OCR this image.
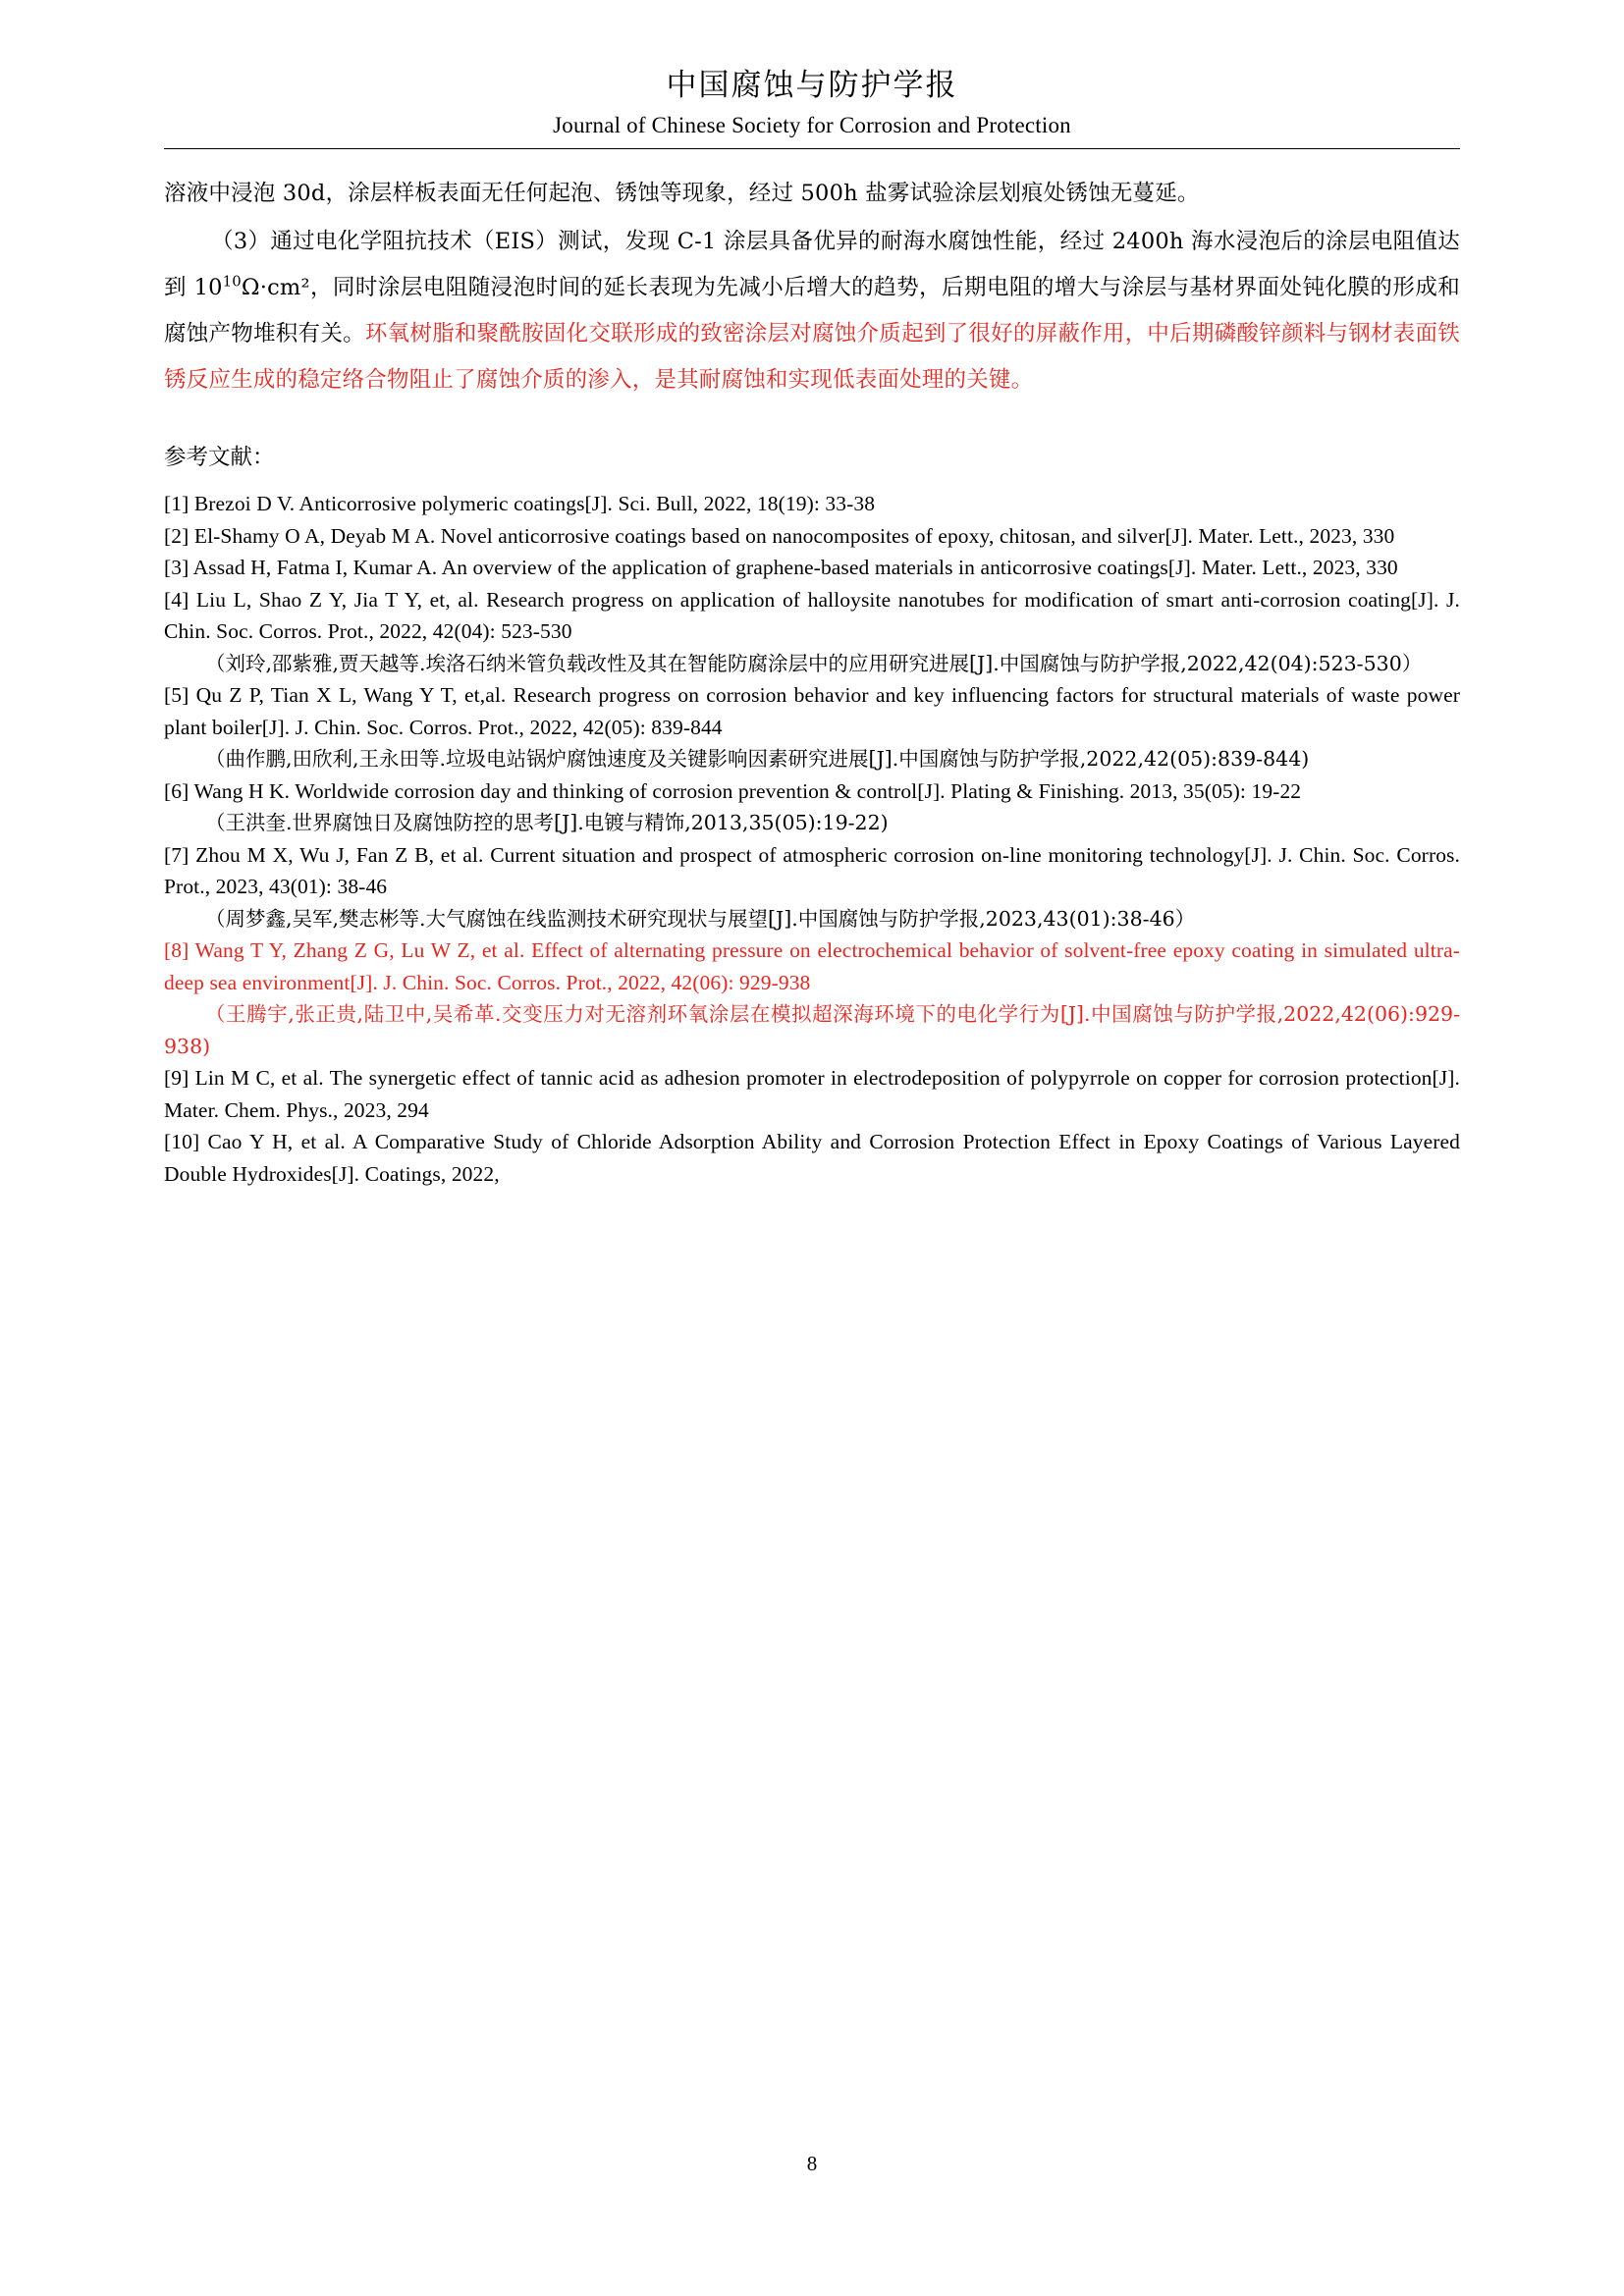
中国腐蚀与防护学报
Journal of Chinese Society for Corrosion and Protection

溶液中浸泡 30d，涂层样板表面无任何起泡、锈蚀等现象，经过 500h 盐雾试验涂层划痕处锈蚀无蔓延。

（3）通过电化学阻抗技术（EIS）测试，发现 C-1 涂层具备优异的耐海水腐蚀性能，经过 2400h 海水浸泡后的涂层电阻值达到 $10^{10}\Omega\cdot cm^2$，同时涂层电阻随浸泡时间的延长表现为先减小后增大的趋势，后期电阻的增大与涂层与基材界面处钝化膜的形成和腐蚀产物堆积有关。环氧树脂和聚酰胺固化交联形成的致密涂层对腐蚀介质起到了很好的屏蔽作用，中后期磷酸锌颜料与钢材表面铁锈反应生成的稳定络合物阻止了腐蚀介质的渗入，是其耐腐蚀和实现低表面处理的关键。

参考文献：

[1] Brezoi D V. Anticorrosive polymeric coatings[J]. Sci. Bull, 2022, 18(19): 33-38

[2] El-Shamy O A, Deyab M A. Novel anticorrosive coatings based on nanocomposites of epoxy, chitosan, and silver[J]. Mater. Lett., 2023, 330

[3] Assad H, Fatma I, Kumar A. An overview of the application of graphene-based materials in anticorrosive coatings[J]. Mater. Lett., 2023, 330

[4] Liu L, Shao Z Y, Jia T Y, et, al. Research progress on application of halloysite nanotubes for modification of smart anti-corrosion coating[J]. J. Chin. Soc. Corros. Prot., 2022, 42(04): 523-530

（刘玲,邵紫雅,贾天越等.埃洛石纳米管负载改性及其在智能防腐涂层中的应用研究进展[J].中国腐蚀与防护学报,2022,42(04):523-530）

[5] Qu Z P, Tian X L, Wang Y T, et,al. Research progress on corrosion behavior and key influencing factors for structural materials of waste power plant boiler[J]. J. Chin. Soc. Corros. Prot., 2022, 42(05): 839-844

（曲作鹏,田欣利,王永田等.垃圾电站锅炉腐蚀速度及关键影响因素研究进展[J].中国腐蚀与防护学报,2022,42(05):839-844)

[6] Wang H K. Worldwide corrosion day and thinking of corrosion prevention & control[J]. Plating & Finishing. 2013, 35(05): 19-22

（王洪奎.世界腐蚀日及腐蚀防控的思考[J].电镀与精饰,2013,35(05):19-22)

[7] Zhou M X, Wu J, Fan Z B, et al. Current situation and prospect of atmospheric corrosion on-line monitoring technology[J]. J. Chin. Soc. Corros. Prot., 2023, 43(01): 38-46

（周梦鑫,吴军,樊志彬等.大气腐蚀在线监测技术研究现状与展望[J].中国腐蚀与防护学报,2023,43(01):38-46）

[8] Wang T Y, Zhang Z G, Lu W Z, et al. Effect of alternating pressure on electrochemical behavior of solvent-free epoxy coating in simulated ultra-deep sea environment[J]. J. Chin. Soc. Corros. Prot., 2022, 42(06): 929-938

（王腾宇,张正贵,陆卫中,吴希革.交变压力对无溶剂环氧涂层在模拟超深海环境下的电化学行为[J].中国腐蚀与防护学报,2022,42(06):929-938)

[9] Lin M C, et al. The synergetic effect of tannic acid as adhesion promoter in electrodeposition of polypyrrole on copper for corrosion protection[J]. Mater. Chem. Phys., 2023, 294

[10] Cao Y H, et al. A Comparative Study of Chloride Adsorption Ability and Corrosion Protection Effect in Epoxy Coatings of Various Layered Double Hydroxides[J]. Coatings, 2022,

8
